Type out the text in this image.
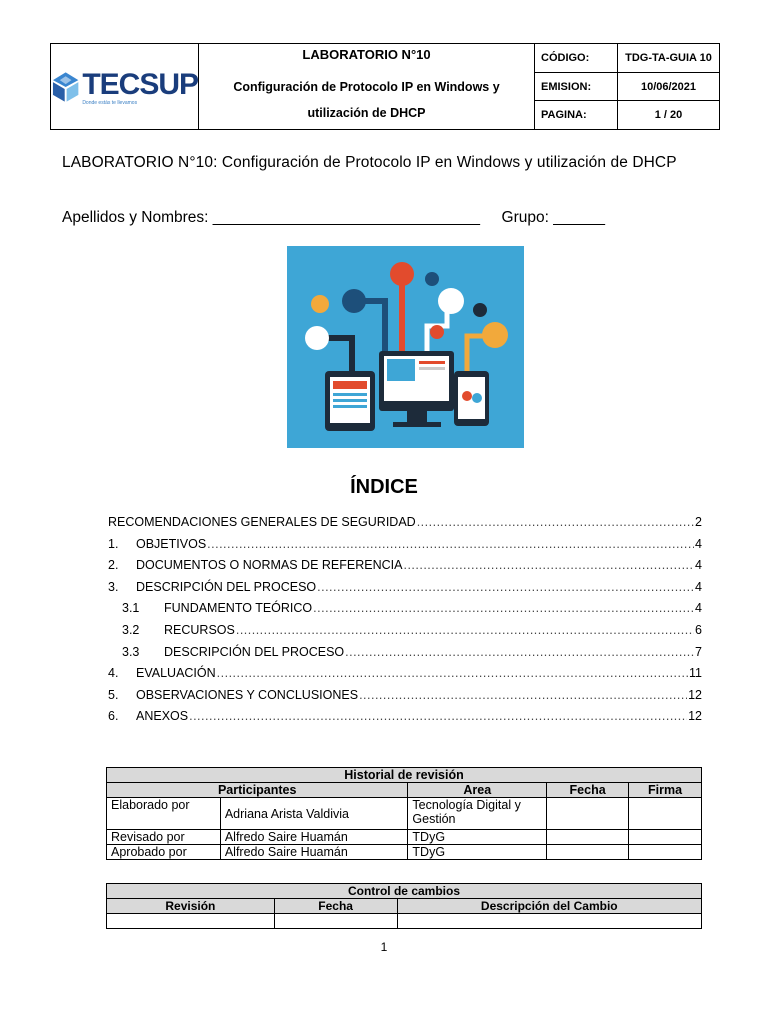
TECSUP
Donde estás te llevamos
LABORATORIO N°10
Configuración de Protocolo IP en Windows y utilización de DHCP
CÓDIGO:	TDG-TA-GUIA 10
EMISION:	10/06/2021
PAGINA:	1 / 20
LABORATORIO N°10: Configuración de Protocolo IP en Windows y utilización de DHCP
Apellidos y Nombres: _______________________________ Grupo: ______
ÍNDICE
RECOMENDACIONES GENERALES DE SEGURIDAD .....	2
1.	OBJETIVOS .....	4
2.	DOCUMENTOS O NORMAS DE REFERENCIA .....	4
3.	DESCRIPCIÓN DEL PROCESO .....	4
3.1	FUNDAMENTO TEÓRICO .....	4
3.2	RECURSOS .....	6
3.3	DESCRIPCIÓN DEL PROCESO .....	7
4.	EVALUACIÓN .....	11
5.	OBSERVACIONES Y CONCLUSIONES .....	12
6.	ANEXOS .....	12
Historial de revisión				
Participantes		Area	Fecha	Firma
Elaborado por	Adriana Arista Valdivia	Tecnología Digital y Gestión		
Revisado por	Alfredo Saire Huamán	TDyG		
Aprobado por	Alfredo Saire Huamán	TDyG		
Control de cambios		
Revisión	Fecha	Descripción del Cambio

1
